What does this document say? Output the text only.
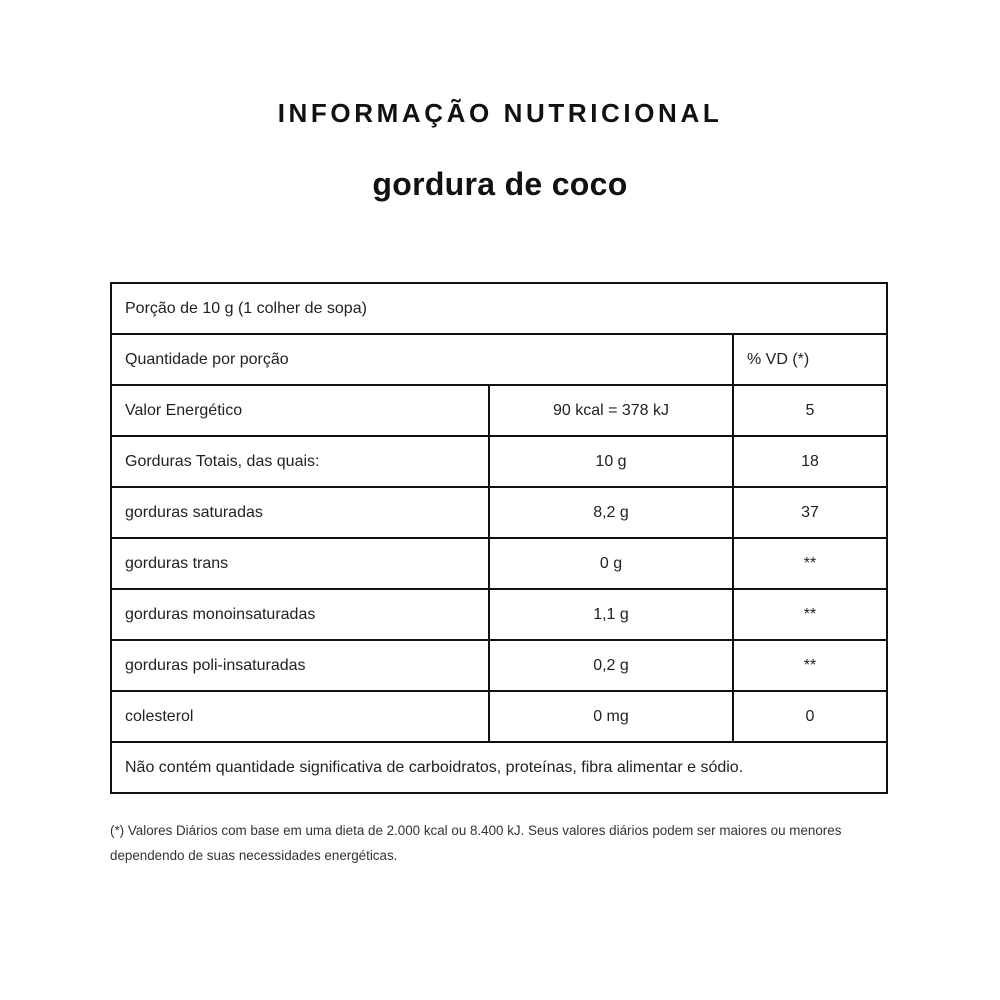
INFORMAÇÃO NUTRICIONAL
gordura de coco
Porção de 10 g (1 colher de sopa)		
Quantidade por porção		% VD (*)
Valor Energético	90 kcal = 378 kJ	5
Gorduras Totais, das quais:	10 g	18
gorduras saturadas	8,2 g	37
gorduras trans	0 g	**
gorduras monoinsaturadas	1,1 g	**
gorduras poli-insaturadas	0,2 g	**
colesterol	0 mg	0
Não contém quantidade significativa de carboidratos, proteínas, fibra alimentar e sódio.		
(*) Valores Diários com base em uma dieta de 2.000 kcal ou 8.400 kJ. Seus valores diários podem ser maiores ou menores dependendo de suas necessidades energéticas.
